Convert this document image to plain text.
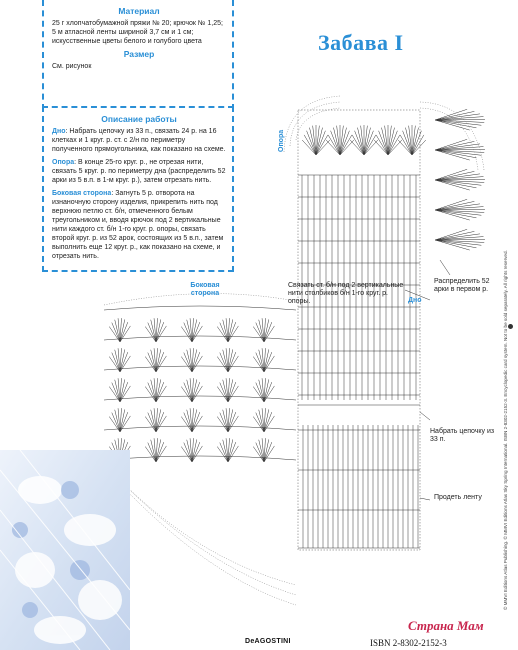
Материал
25 г хлопчатобумажной пряжи № 20; крючок № 1,25; 5 м атласной ленты шириной 3,7 см и 1 см; искусственные цветы белого и голубого цвета
Размер
См. рисунок
Описание работы
Дно: Набрать цепочку из 33 п., связать 24 р. на 16 клетках и 1 круг. р. ст. с 2/н по периметру полученного прямоугольника, как показано на схеме.
Опора: В конце 25-го круг. р., не отрезая нити, связать 5 круг. р. по периметру дна (распределить 52 арки из 5 в.п. в 1-м круг. р.), затем отрезать нить.
Боковая сторона: Загнуть 5 р. отворота на изнаночную сторону изделия, прикрепить нить под верхнюю петлю ст. б/н, отмеченного белым треугольником и, вводя крючок под 2 вертикальные нити каждого ст. б/н 1-го круг. р. опоры, связать второй круг. р. из 52 арок, состоящих из 5 в.п., затем выполнить еще 12 круг. р., как показано на схеме, и отрезать нить.
Забава I
Опора
Боковая сторона
Связать ст. б/н под 2 вертикальные нити столбиков б/н 1-го круг. р. опоры.	Дно
Распределить 52 арки в первом р.
Набрать цепочку из 33 п.
Продеть ленту
DeAGOSTINI	ISBN 2-8302-2152-3
Страна Мам
© MMVI Editions Atlas Publishing. © MMVI Editions Atlas Sky Spring International. ISBN 2-8302-2152-3. Encyclopedic card system. Not to be sold separately. All rights reserved.
